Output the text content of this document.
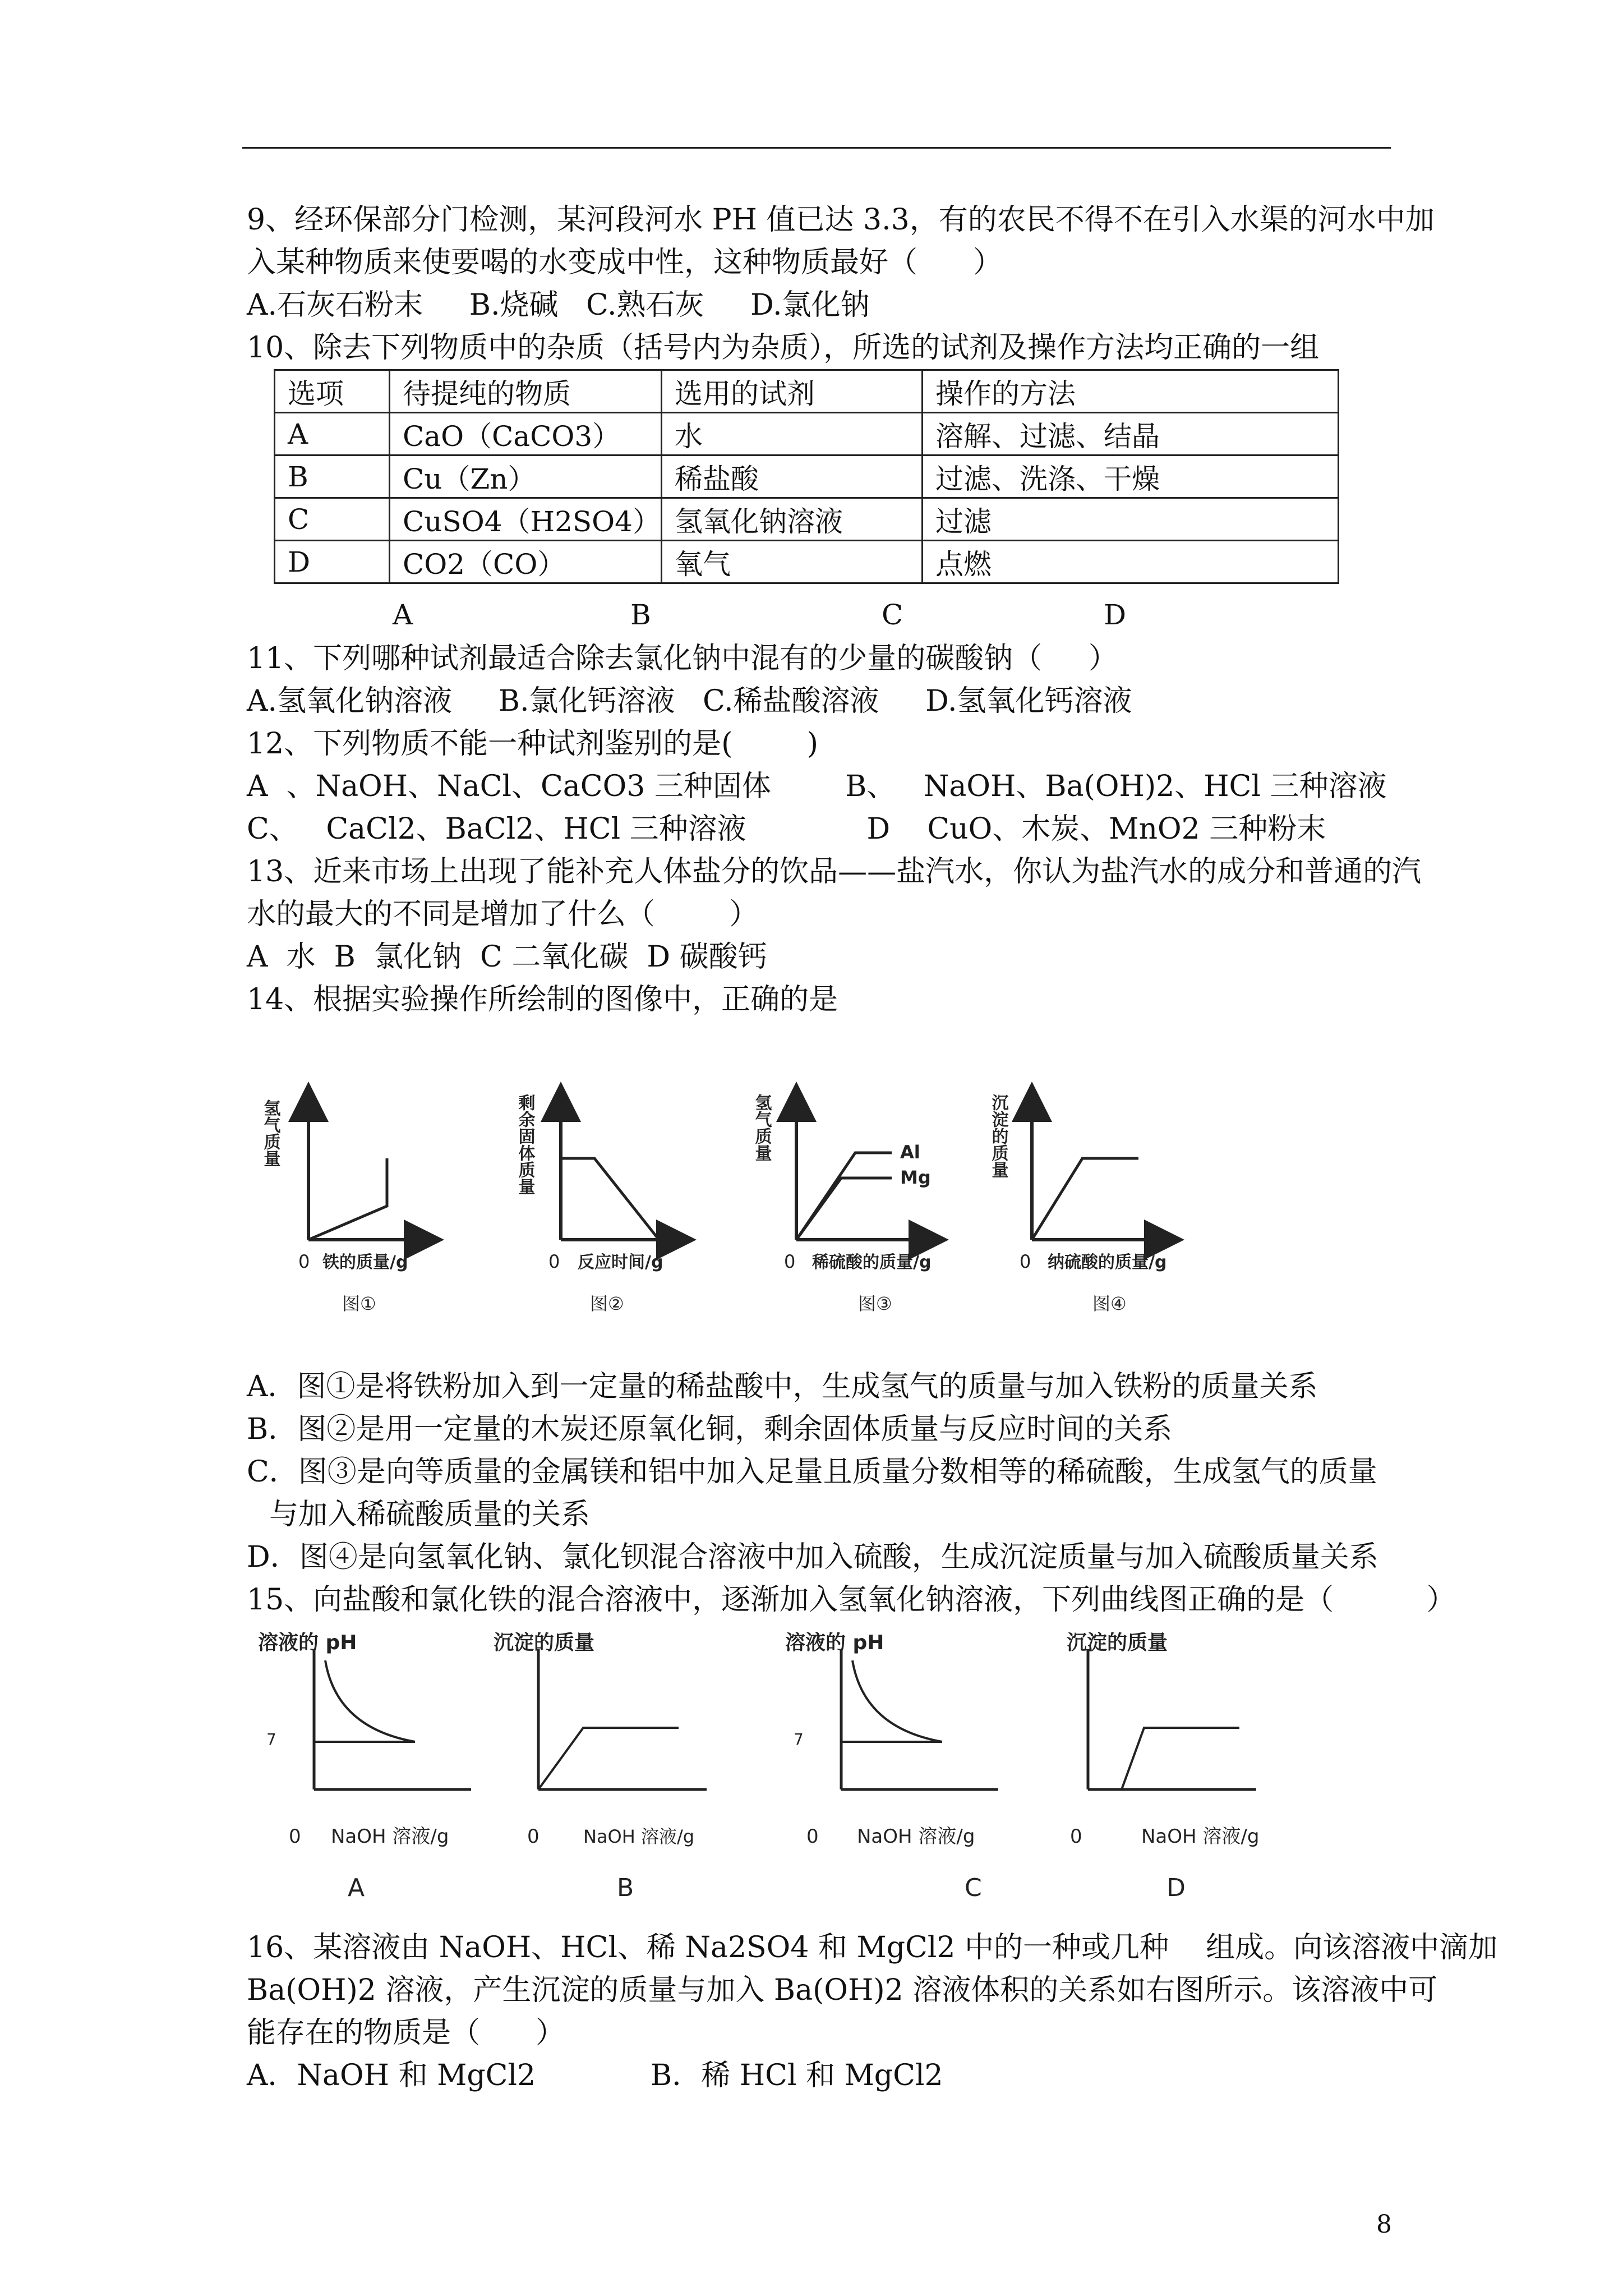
9、经环保部分门检测，某河段河水 PH 值已达 3.3，有的农民不得不在引入水渠的河水中加
入某种物质来使要喝的水变成中性，这种物质最好（      ）
A.石灰石粉末     B.烧碱   C.熟石灰     D.氯化钠
10、除去下列物质中的杂质（括号内为杂质），所选的试剂及操作方法均正确的一组
选项	待提纯的物质	选用的试剂	操作的方法
A	CaO（CaCO3）	水	溶解、过滤、结晶
B	Cu（Zn）	稀盐酸	过滤、洗涤、干燥
C	CuSO4（H2SO4）	氢氧化钠溶液	过滤
D	CO2（CO）	氧气	点燃
A	B	C	D
11、下列哪种试剂最适合除去氯化钠中混有的少量的碳酸钠（     ）
A.氢氧化钠溶液     B.氯化钙溶液   C.稀盐酸溶液     D.氢氧化钙溶液
12、下列物质不能一种试剂鉴别的是(        )
A  、NaOH、NaCl、CaCO3 三种固体        B、   NaOH、Ba(OH)2、HCl 三种溶液
C、   CaCl2、BaCl2、HCl 三种溶液             D    CuO、木炭、MnO2 三种粉末
13、近来市场上出现了能补充人体盐分的饮品——盐汽水，你认为盐汽水的成分和普通的汽
水的最大的不同是增加了什么（        ）
A  水  B  氯化钠  C 二氧化碳  D 碳酸钙
14、根据实验操作所绘制的图像中，正确的是
氢气质量
0 铁的质量/g
图①
剩余固体质量
0 反应时间/g
图②
Al
Mg
氢气质量
0 稀硫酸的质量/g
图③
沉淀的质量
0 纳硫酸的质量/g
图④
A．图①是将铁粉加入到一定量的稀盐酸中，生成氢气的质量与加入铁粉的质量关系
B．图②是用一定量的木炭还原氧化铜，剩余固体质量与反应时间的关系
C．图③是向等质量的金属镁和铝中加入足量且质量分数相等的稀硫酸，生成氢气的质量
与加入稀硫酸质量的关系
D．图④是向氢氧化钠、氯化钡混合溶液中加入硫酸，生成沉淀质量与加入硫酸质量关系
15、向盐酸和氯化铁的混合溶液中，逐渐加入氢氧化钠溶液，下列曲线图正确的是（          ）
溶液的 pH
7
0 NaOH 溶液/g
A
沉淀的质量
0 NaOH 溶液/g
B
溶液的 pH
7
0 NaOH 溶液/g
C
沉淀的质量
0	NaOH 溶液/g
D
16、某溶液由 NaOH、HCl、稀 Na2SO4 和 MgCl2 中的一种或几种    组成。向该溶液中滴加
Ba(OH)2 溶液，产生沉淀的质量与加入 Ba(OH)2 溶液体积的关系如右图所示。该溶液中可
能存在的物质是（      ）
A．NaOH 和 MgCl2	B．稀 HCl 和 MgCl2
8
